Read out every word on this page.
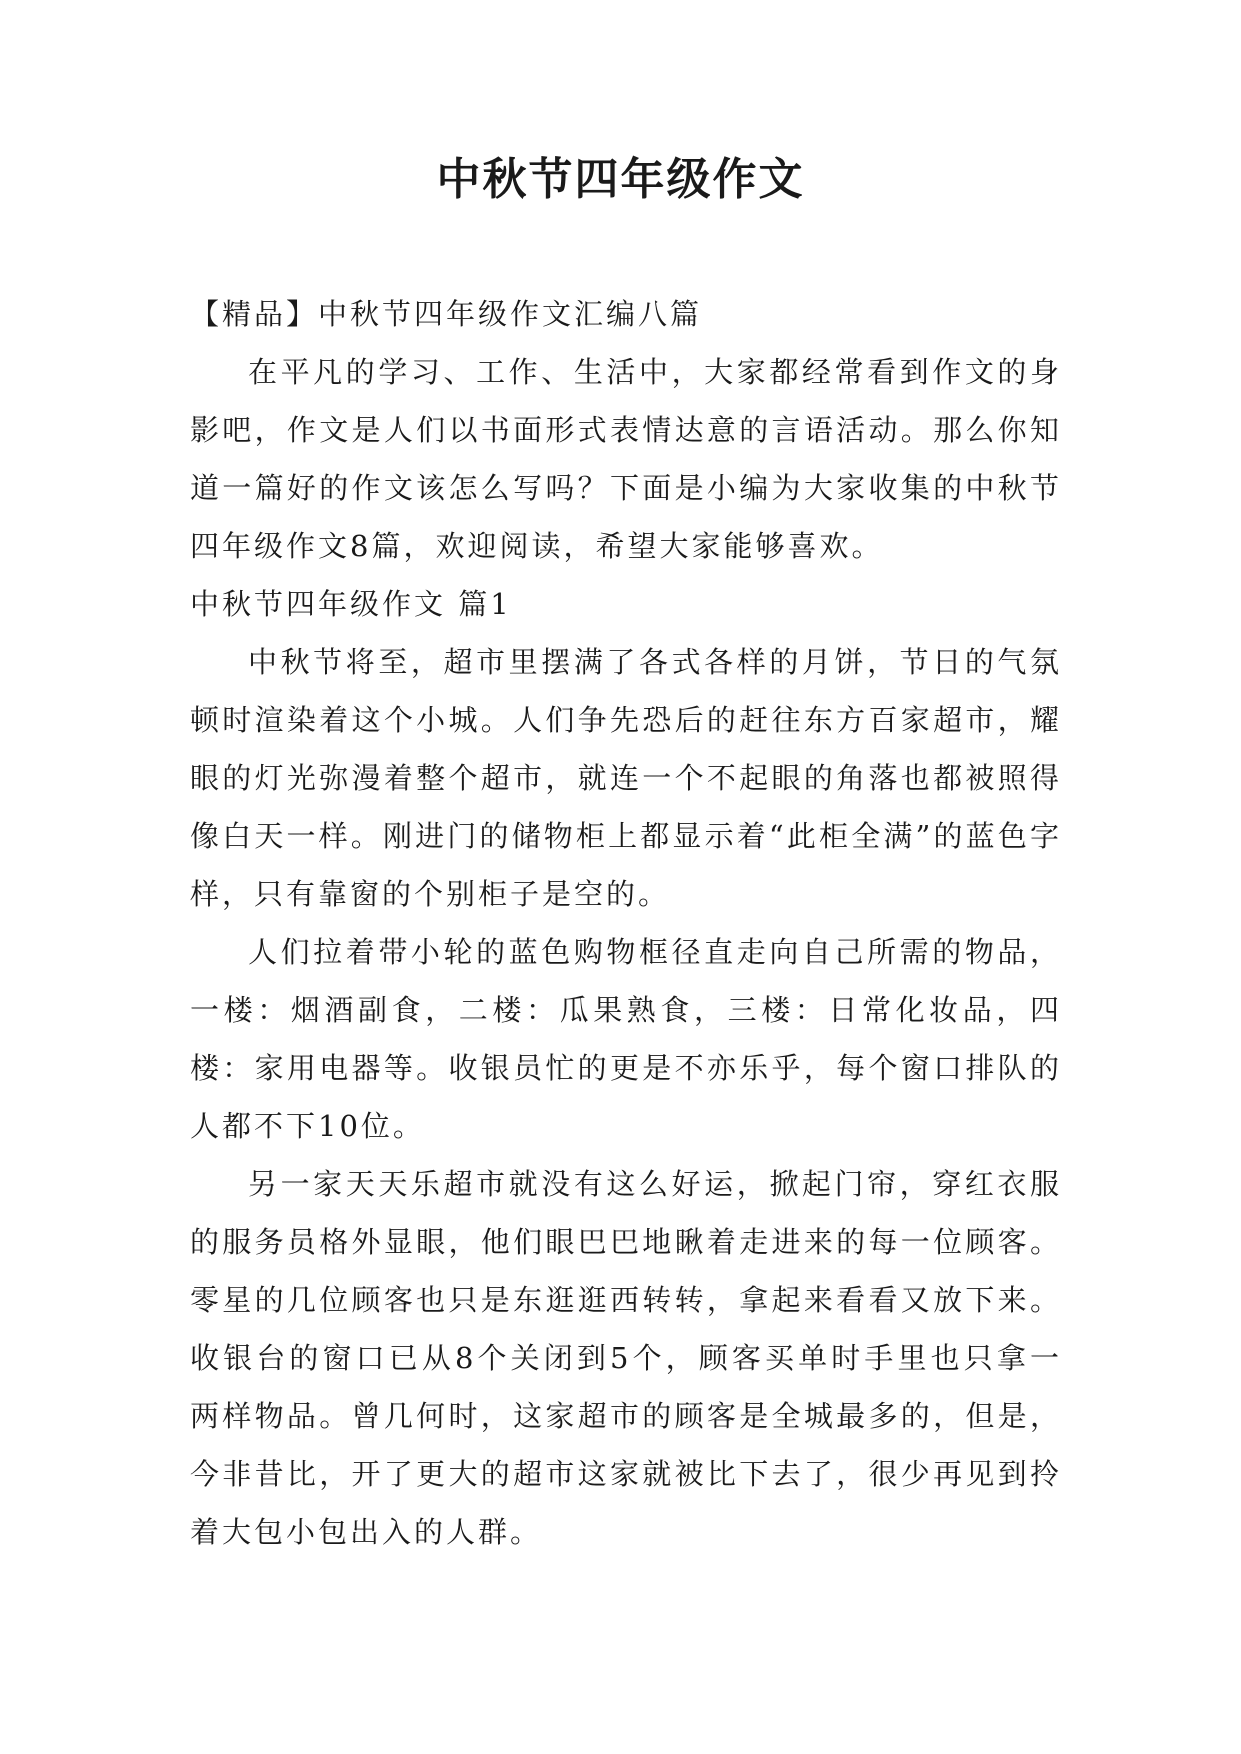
中秋节四年级作文

【精品】中秋节四年级作文汇编八篇

在平凡的学习、工作、生活中，大家都经常看到作文的身影吧，作文是人们以书面形式表情达意的言语活动。那么你知道一篇好的作文该怎么写吗？下面是小编为大家收集的中秋节四年级作文8篇，欢迎阅读，希望大家能够喜欢。

中秋节四年级作文 篇1

中秋节将至，超市里摆满了各式各样的月饼，节日的气氛顿时渲染着这个小城。人们争先恐后的赶往东方百家超市，耀眼的灯光弥漫着整个超市，就连一个不起眼的角落也都被照得像白天一样。刚进门的储物柜上都显示着“此柜全满”的蓝色字样，只有靠窗的个别柜子是空的。

人们拉着带小轮的蓝色购物框径直走向自己所需的物品，一楼：烟酒副食，二楼：瓜果熟食，三楼：日常化妆品，四楼：家用电器等。收银员忙的更是不亦乐乎，每个窗口排队的人都不下10位。

另一家天天乐超市就没有这么好运，掀起门帘，穿红衣服的服务员格外显眼，他们眼巴巴地瞅着走进来的每一位顾客。零星的几位顾客也只是东逛逛西转转，拿起来看看又放下来。收银台的窗口已从8个关闭到5个，顾客买单时手里也只拿一两样物品。曾几何时，这家超市的顾客是全城最多的，但是，今非昔比，开了更大的超市这家就被比下去了，很少再见到拎着大包小包出入的人群。
